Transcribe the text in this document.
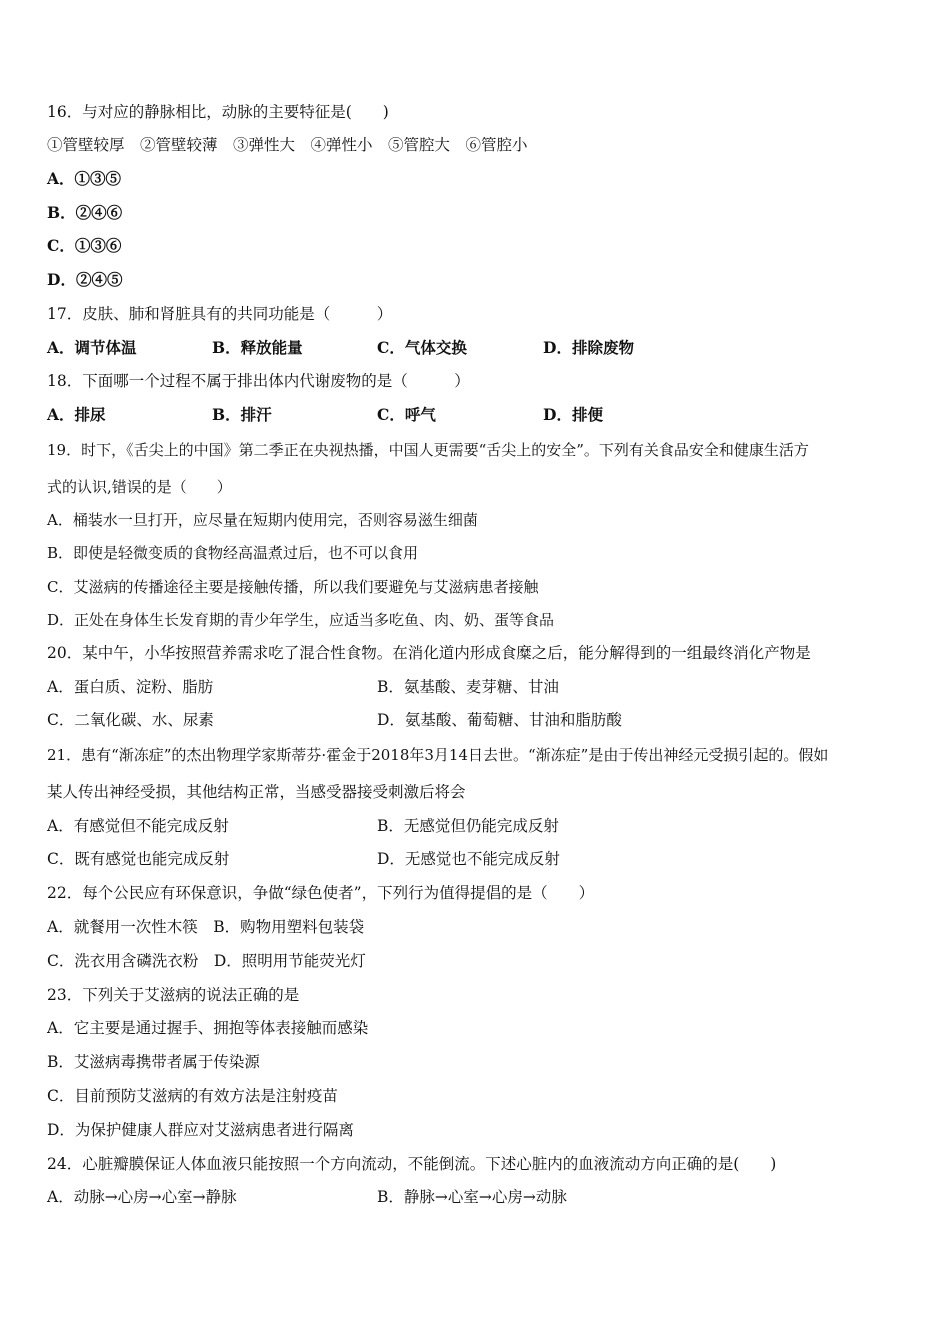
16．与对应的静脉相比，动脉的主要特征是(　　)
①管壁较厚　②管壁较薄　③弹性大　④弹性小　⑤管腔大　⑥管腔小
A．①③⑤
B．②④⑥
C．①③⑥
D．②④⑤
17．皮肤、肺和肾脏具有的共同功能是（　　　）
A．调节体温	B．释放能量	C．气体交换	D．排除废物
18．下面哪一个过程不属于排出体内代谢废物的是（　　　）
A．排尿	B．排汗	C．呼气	D．排便
19．时下，《舌尖上的中国》第二季正在央视热播，中国人更需要“舌尖上的安全”。下列有关食品安全和健康生活方
式的认识,错误的是（　　）
A．桶装水一旦打开，应尽量在短期内使用完，否则容易滋生细菌
B．即使是轻微变质的食物经高温煮过后，也不可以食用
C．艾滋病的传播途径主要是接触传播，所以我们要避免与艾滋病患者接触
D．正处在身体生长发育期的青少年学生，应适当多吃鱼、肉、奶、蛋等食品
20．某中午，小华按照营养需求吃了混合性食物。在消化道内形成食糜之后，能分解得到的一组最终消化产物是
A．蛋白质、淀粉、脂肪	B．氨基酸、麦芽糖、甘油
C．二氧化碳、水、尿素	D．氨基酸、葡萄糖、甘油和脂肪酸
21．患有“渐冻症”的杰出物理学家斯蒂芬·霍金于2018年3月14日去世。“渐冻症”是由于传出神经元受损引起的。假如
某人传出神经受损，其他结构正常，当感受器接受刺激后将会
A．有感觉但不能完成反射	B．无感觉但仍能完成反射
C．既有感觉也能完成反射	D．无感觉也不能完成反射
22．每个公民应有环保意识，争做“绿色使者”，下列行为值得提倡的是（　　）
A．就餐用一次性木筷　B．购物用塑料包装袋
C．洗衣用含磷洗衣粉　D．照明用节能荧光灯
23．下列关于艾滋病的说法正确的是
A．它主要是通过握手、拥抱等体表接触而感染
B．艾滋病毒携带者属于传染源
C．目前预防艾滋病的有效方法是注射疫苗
D．为保护健康人群应对艾滋病患者进行隔离
24．心脏瓣膜保证人体血液只能按照一个方向流动，不能倒流。下述心脏内的血液流动方向正确的是(　　)
A．动脉→心房→心室→静脉	B．静脉→心室→心房→动脉
